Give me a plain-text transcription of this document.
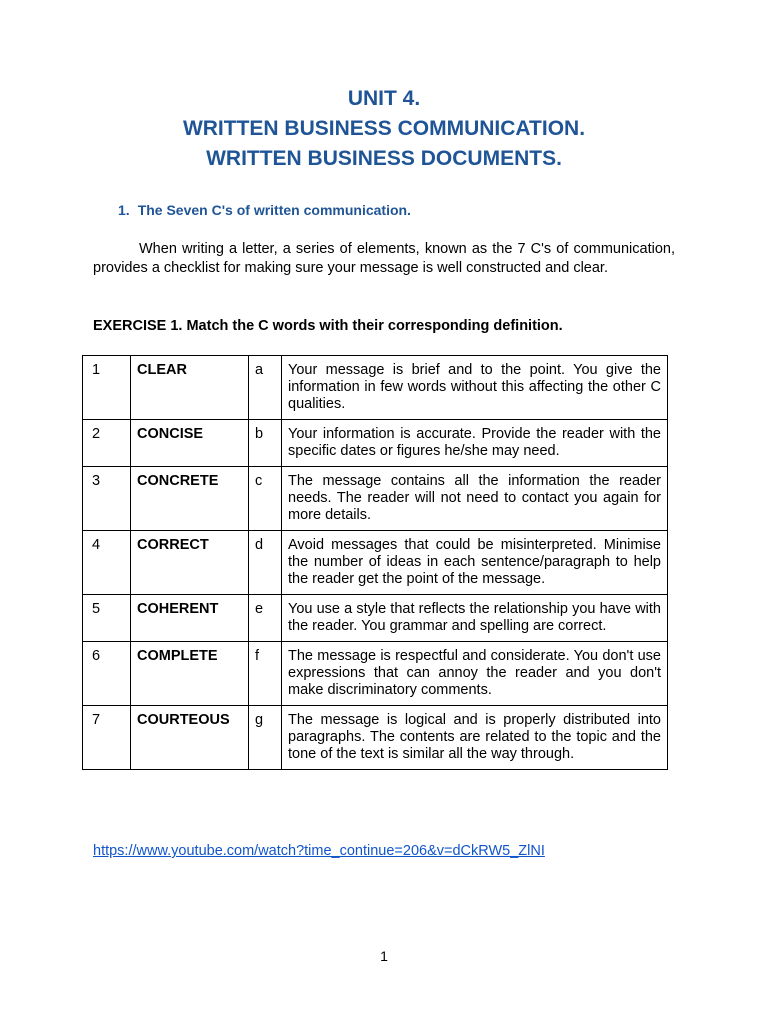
UNIT 4.
WRITTEN BUSINESS COMMUNICATION.
WRITTEN BUSINESS DOCUMENTS.
1. The Seven C's of written communication.

When writing a letter, a series of elements, known as the 7 C's of communication, provides a checklist for making sure your message is well constructed and clear.

EXERCISE 1. Match the C words with their corresponding definition.
1	CLEAR	a	Your message is brief and to the point. You give the information in few words without this affecting the other C qualities.
2	CONCISE	b	Your information is accurate. Provide the reader with the specific dates or figures he/she may need.
3	CONCRETE	c	The message contains all the information the reader needs. The reader will not need to contact you again for more details.
4	CORRECT	d	Avoid messages that could be misinterpreted. Minimise the number of ideas in each sentence/paragraph to help the reader get the point of the message.
5	COHERENT	e	You use a style that reflects the relationship you have with the reader. You grammar and spelling are correct.
6	COMPLETE	f	The message is respectful and considerate. You don't use expressions that can annoy the reader and you don't make discriminatory comments.
7	COURTEOUS	g	The message is logical and is properly distributed into paragraphs. The contents are related to the topic and the tone of the text is similar all the way through.
https://www.youtube.com/watch?time_continue=206&v=dCkRW5_ZlNI
1
